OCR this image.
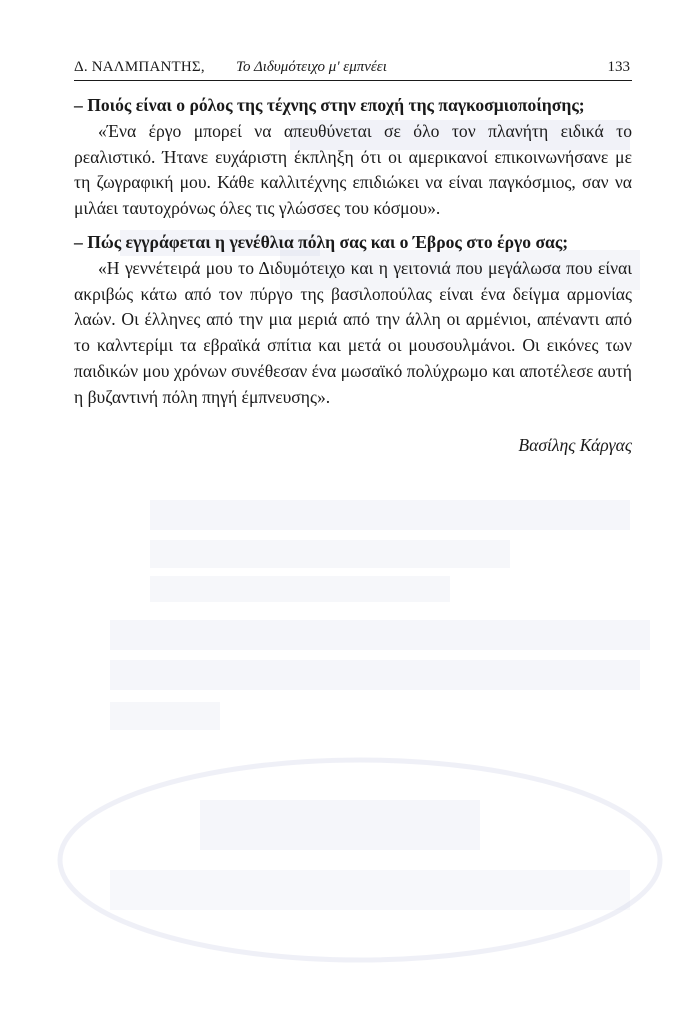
Δ. ΝΑΛΜΠΑΝΤΗΣ, Το Διδυμότειχο μ' εμπνέει	133

– Ποιός είναι ο ρόλος της τέχνης στην εποχή της παγκοσμιοποίησης;

«Ένα έργο μπορεί να απευθύνεται σε όλο τον πλανήτη ειδικά το ρεαλιστικό. Ήτανε ευχάριστη έκπληξη ότι οι αμερικανοί επικοινωνήσανε με τη ζωγραφική μου. Κάθε καλλιτέχνης επιδιώκει να είναι παγκόσμιος, σαν να μιλάει ταυτοχρόνως όλες τις γλώσσες του κόσμου».

– Πώς εγγράφεται η γενέθλια πόλη σας και ο Έβρος στο έργο σας;

«Η γεννέτειρά μου το Διδυμότειχο και η γειτονιά που μεγάλωσα που είναι ακριβώς κάτω από τον πύργο της βασιλοπούλας είναι ένα δείγμα αρμονίας λαών. Οι έλληνες από την μια μεριά από την άλλη οι αρμένιοι, απέναντι από το καλντερίμι τα εβραϊκά σπίτια και μετά οι μουσουλμάνοι. Οι εικόνες των παιδικών μου χρόνων συνέθεσαν ένα μωσαϊκό πολύχρωμο και αποτέλεσε αυτή η βυζαντινή πόλη πηγή έμπνευσης».

Βασίλης Κάργας
